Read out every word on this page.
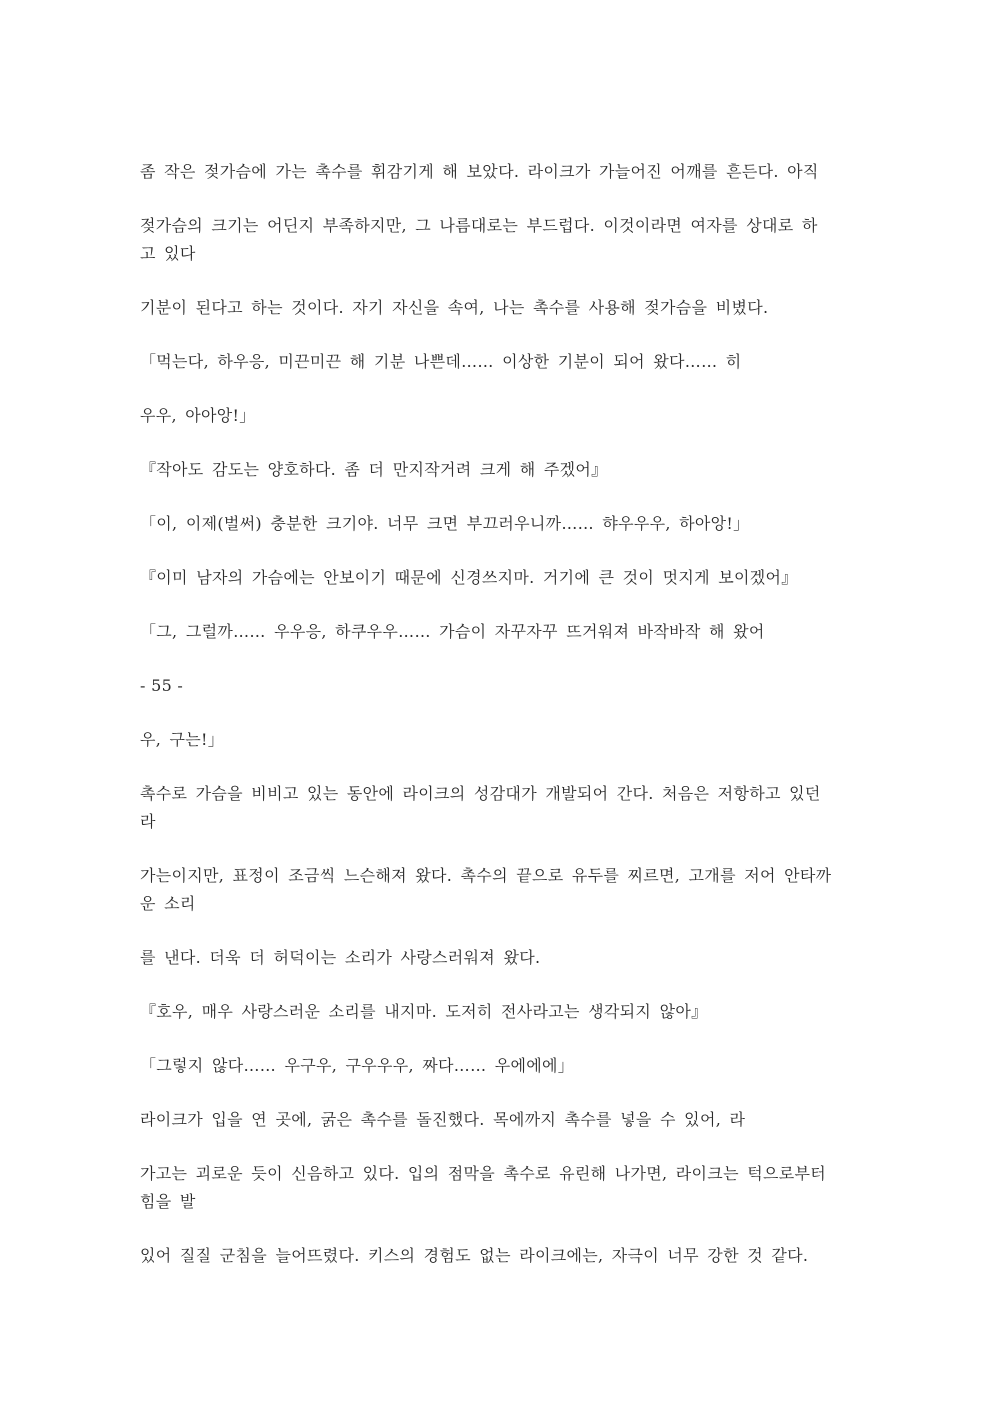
좀 작은 젖가슴에 가는 촉수를 휘감기게 해 보았다. 라이크가 가늘어진 어깨를 흔든다. 아직
젖가슴의 크기는 어딘지 부족하지만, 그 나름대로는 부드럽다. 이것이라면 여자를 상대로 하
고 있다
기분이 된다고 하는 것이다. 자기 자신을 속여, 나는 촉수를 사용해 젖가슴을 비볐다.
「먹는다, 하우응, 미끈미끈 해 기분 나쁜데…… 이상한 기분이 되어 왔다…… 히
우우, 아아앙!」
『작아도 감도는 양호하다. 좀 더 만지작거려 크게 해 주겠어』
「이, 이제(벌써) 충분한 크기야. 너무 크면 부끄러우니까…… 햐우우우, 하아앙!」
『이미 남자의 가슴에는 안보이기 때문에 신경쓰지마. 거기에 큰 것이 멋지게 보이겠어』
「그, 그럴까…… 우우응, 하쿠우우…… 가슴이 자꾸자꾸 뜨거워져 바작바작 해 왔어
- 55 -
우, 구는!」
촉수로 가슴을 비비고 있는 동안에 라이크의 성감대가 개발되어 간다. 처음은 저항하고 있던
라
가는이지만, 표정이 조금씩 느슨해져 왔다. 촉수의 끝으로 유두를 찌르면, 고개를 저어 안타까
운 소리
를 낸다. 더욱 더 허덕이는 소리가 사랑스러워져 왔다.
『호우, 매우 사랑스러운 소리를 내지마. 도저히 전사라고는 생각되지 않아』
「그렇지 않다…… 우구우, 구우우우, 짜다…… 우에에에」
라이크가 입을 연 곳에, 굵은 촉수를 돌진했다. 목에까지 촉수를 넣을 수 있어, 라
가고는 괴로운 듯이 신음하고 있다. 입의 점막을 촉수로 유린해 나가면, 라이크는 턱으로부터
힘을 발
있어 질질 군침을 늘어뜨렸다. 키스의 경험도 없는 라이크에는, 자극이 너무 강한 것 같다.
